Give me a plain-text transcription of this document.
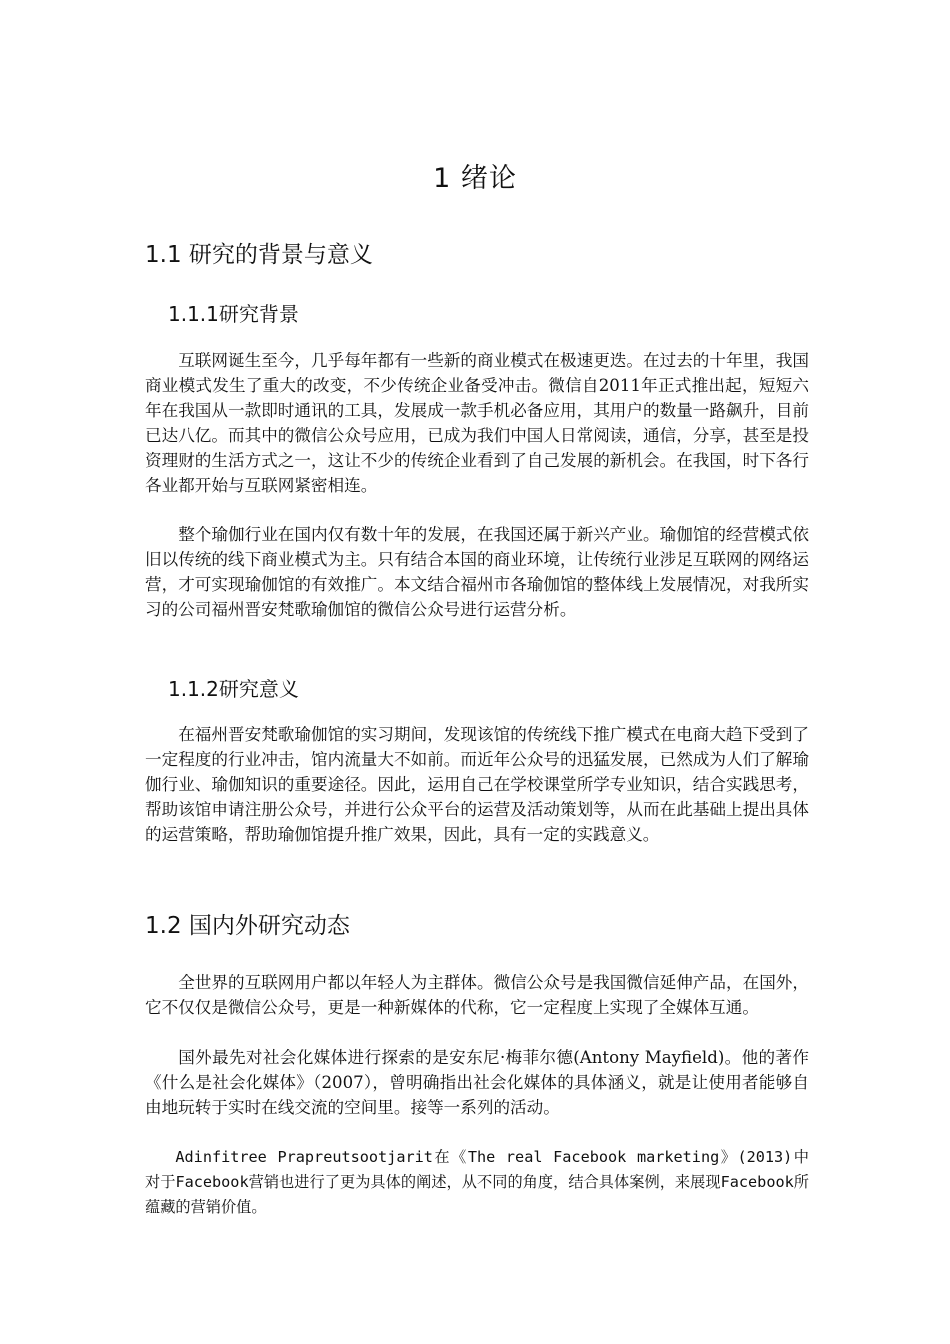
1 绪论
1.1 研究的背景与意义
1.1.1研究背景

互联网诞生至今，几乎每年都有一些新的商业模式在极速更迭。在过去的十年里，我国商业模式发生了重大的改变，不少传统企业备受冲击。微信自2011年正式推出起，短短六年在我国从一款即时通讯的工具，发展成一款手机必备应用，其用户的数量一路飙升，目前已达八亿。而其中的微信公众号应用，已成为我们中国人日常阅读，通信，分享，甚至是投资理财的生活方式之一，这让不少的传统企业看到了自己发展的新机会。在我国，时下各行各业都开始与互联网紧密相连。

整个瑜伽行业在国内仅有数十年的发展，在我国还属于新兴产业。瑜伽馆的经营模式依旧以传统的线下商业模式为主。只有结合本国的商业环境，让传统行业涉足互联网的网络运营，才可实现瑜伽馆的有效推广。本文结合福州市各瑜伽馆的整体线上发展情况，对我所实习的公司福州晋安梵歌瑜伽馆的微信公众号进行运营分析。

1.1.2研究意义

在福州晋安梵歌瑜伽馆的实习期间，发现该馆的传统线下推广模式在电商大趋下受到了一定程度的行业冲击，馆内流量大不如前。而近年公众号的迅猛发展，已然成为人们了解瑜伽行业、瑜伽知识的重要途径。因此，运用自己在学校课堂所学专业知识，结合实践思考，帮助该馆申请注册公众号，并进行公众平台的运营及活动策划等，从而在此基础上提出具体的运营策略，帮助瑜伽馆提升推广效果，因此，具有一定的实践意义。

1.2 国内外研究动态

全世界的互联网用户都以年轻人为主群体。微信公众号是我国微信延伸产品，在国外，它不仅仅是微信公众号，更是一种新媒体的代称，它一定程度上实现了全媒体互通。

国外最先对社会化媒体进行探索的是安东尼·梅菲尔德(Antony Mayfield)。他的著作《什么是社会化媒体》（2007），曾明确指出社会化媒体的具体涵义，就是让使用者能够自由地玩转于实时在线交流的空间里。接等一系列的活动。

Adinfitree Prapreutsootjarit在《The real Facebook marketing》(2013)中对于Facebook营销也进行了更为具体的阐述，从不同的角度，结合具体案例，来展现Facebook所蕴藏的营销价值。
